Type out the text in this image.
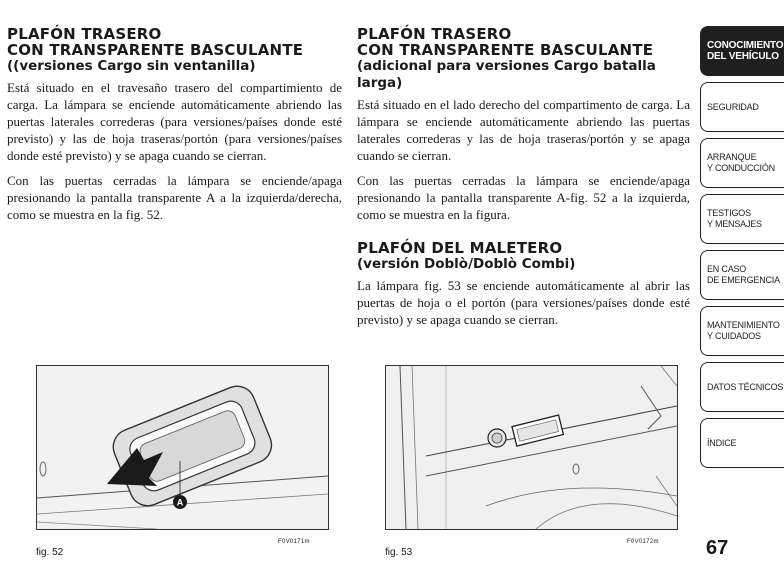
PLAFÓN TRASERO
CON TRANSPARENTE BASCULANTE
((versiones Cargo sin ventanilla)

Está situado en el travesaño trasero del compartimiento de carga. La lámpara se enciende automáticamente abriendo las puertas laterales correderas (para versiones/países donde esté previsto) y las de hoja traseras/portón (para versiones/países donde esté previsto) y se apaga cuando se cierran.

Con las puertas cerradas la lámpara se enciende/apaga presionando la pantalla transparente A a la izquierda/derecha, como se muestra en la fig. 52.

PLAFÓN TRASERO
CON TRANSPARENTE BASCULANTE
(adicional para versiones Cargo batalla larga)

Está situado en el lado derecho del compartimento de carga. La lámpara se enciende automáticamente abriendo las puertas laterales correderas y las de hoja traseras/portón y se apaga cuando se cierran.

Con las puertas cerradas la lámpara se enciende/apaga presionando la pantalla transparente A-fig. 52 a la izquierda, como se muestra en la figura.

PLAFÓN DEL MALETERO
(versión Doblò/Doblò Combi)

La lámpara fig. 53 se enciende automáticamente al abrir las puertas de hoja o el portón (para versiones/países donde esté previsto) y se apaga cuando se cierran.

A
F0V0171m
fig. 52
F0V0172m
fig. 53
CONOCIMIENTO
DEL VEHÍCULO
SEGURIDAD
ARRANQUE
Y CONDUCCIÓN
TESTIGOS
Y MENSAJES
EN CASO
DE EMERGENCIA
MANTENIMIENTO
Y CUIDADOS
DATOS TÉCNICOS
ÍNDICE
67
